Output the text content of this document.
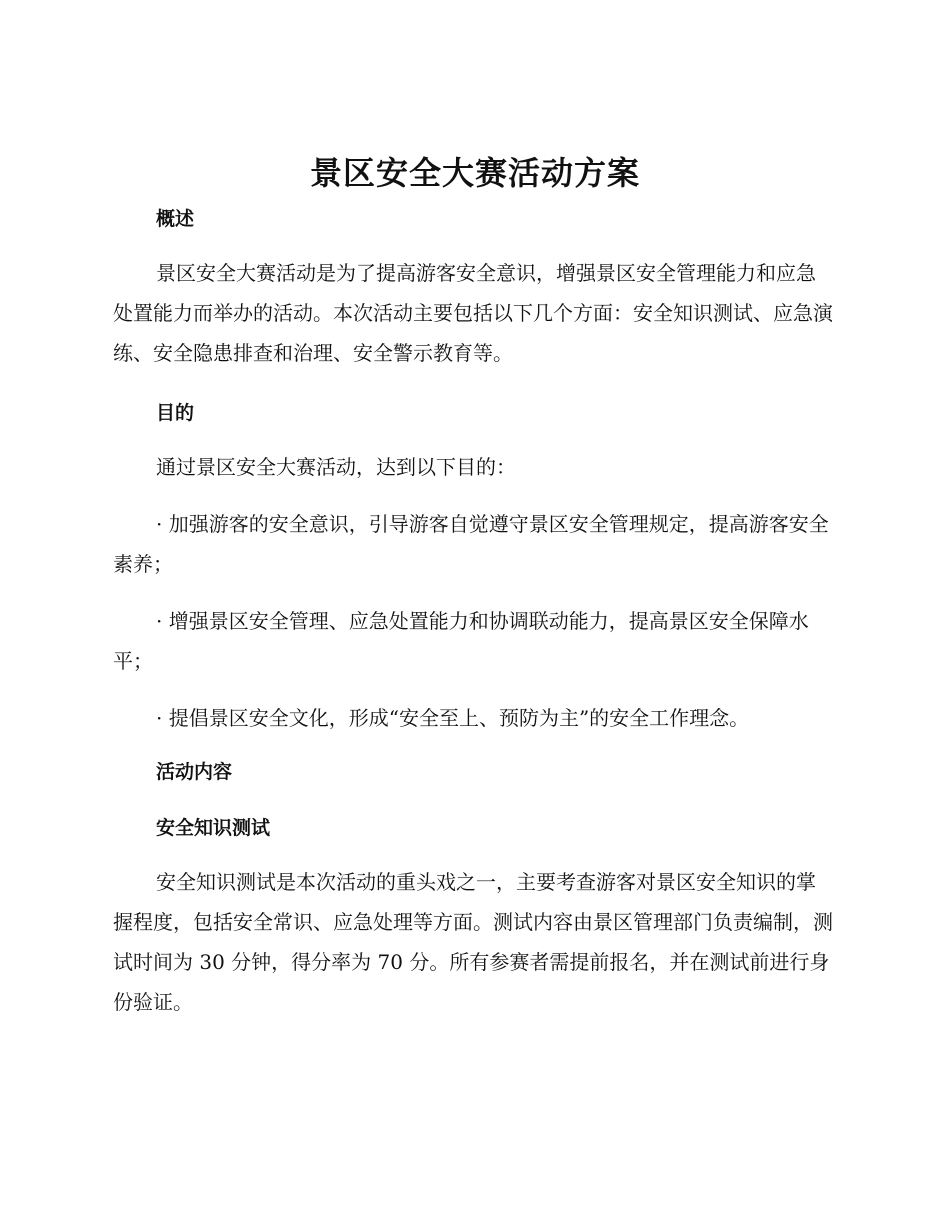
景区安全大赛活动方案
概述

景区安全大赛活动是为了提高游客安全意识，增强景区安全管理能力和应急处置能力而举办的活动。本次活动主要包括以下几个方面：安全知识测试、应急演练、安全隐患排查和治理、安全警示教育等。

目的

通过景区安全大赛活动，达到以下目的：

· 加强游客的安全意识，引导游客自觉遵守景区安全管理规定，提高游客安全素养；

· 增强景区安全管理、应急处置能力和协调联动能力，提高景区安全保障水平；

· 提倡景区安全文化，形成“安全至上、预防为主”的安全工作理念。

活动内容
安全知识测试

安全知识测试是本次活动的重头戏之一，主要考查游客对景区安全知识的掌握程度，包括安全常识、应急处理等方面。测试内容由景区管理部门负责编制，测试时间为 30 分钟，得分率为 70 分。所有参赛者需提前报名，并在测试前进行身份验证。
